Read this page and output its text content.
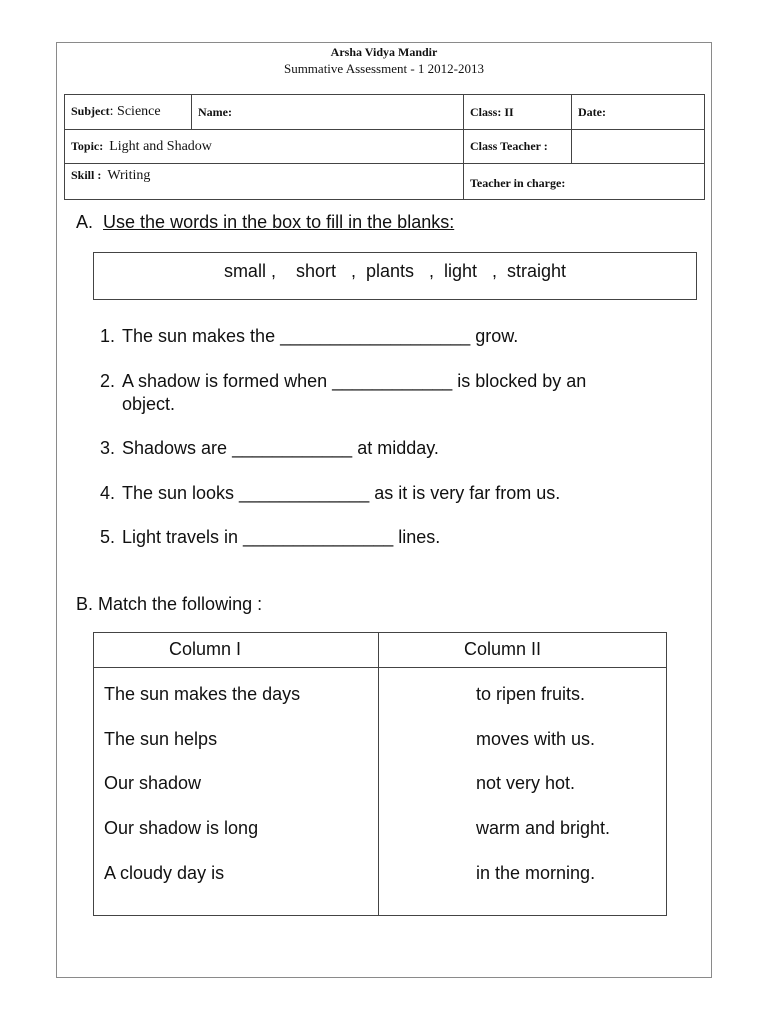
Arsha Vidya Mandir
Summative Assessment - 1 2012-2013
Subject: Science	Name:	Class: II	Date:
Topic: Light and Shadow		Class Teacher :	
Skill : Writing		Teacher in charge:	
A. Use the words in the box to fill in the blanks:
small ,    short   ,  plants   ,  light   ,  straight
1. The sun makes the ___________________ grow.
2. A shadow is formed when ____________ is blocked by an
object.
3. Shadows are ____________ at midday.
4. The sun looks _____________ as it is very far from us.
5. Light travels in _______________ lines.
B. Match the following :
Column I	Column II
The sun makes the days	to ripen fruits.
The sun helps	moves with us.
Our shadow	not very hot.
Our shadow is long	warm and bright.
A cloudy day is	in the morning.
